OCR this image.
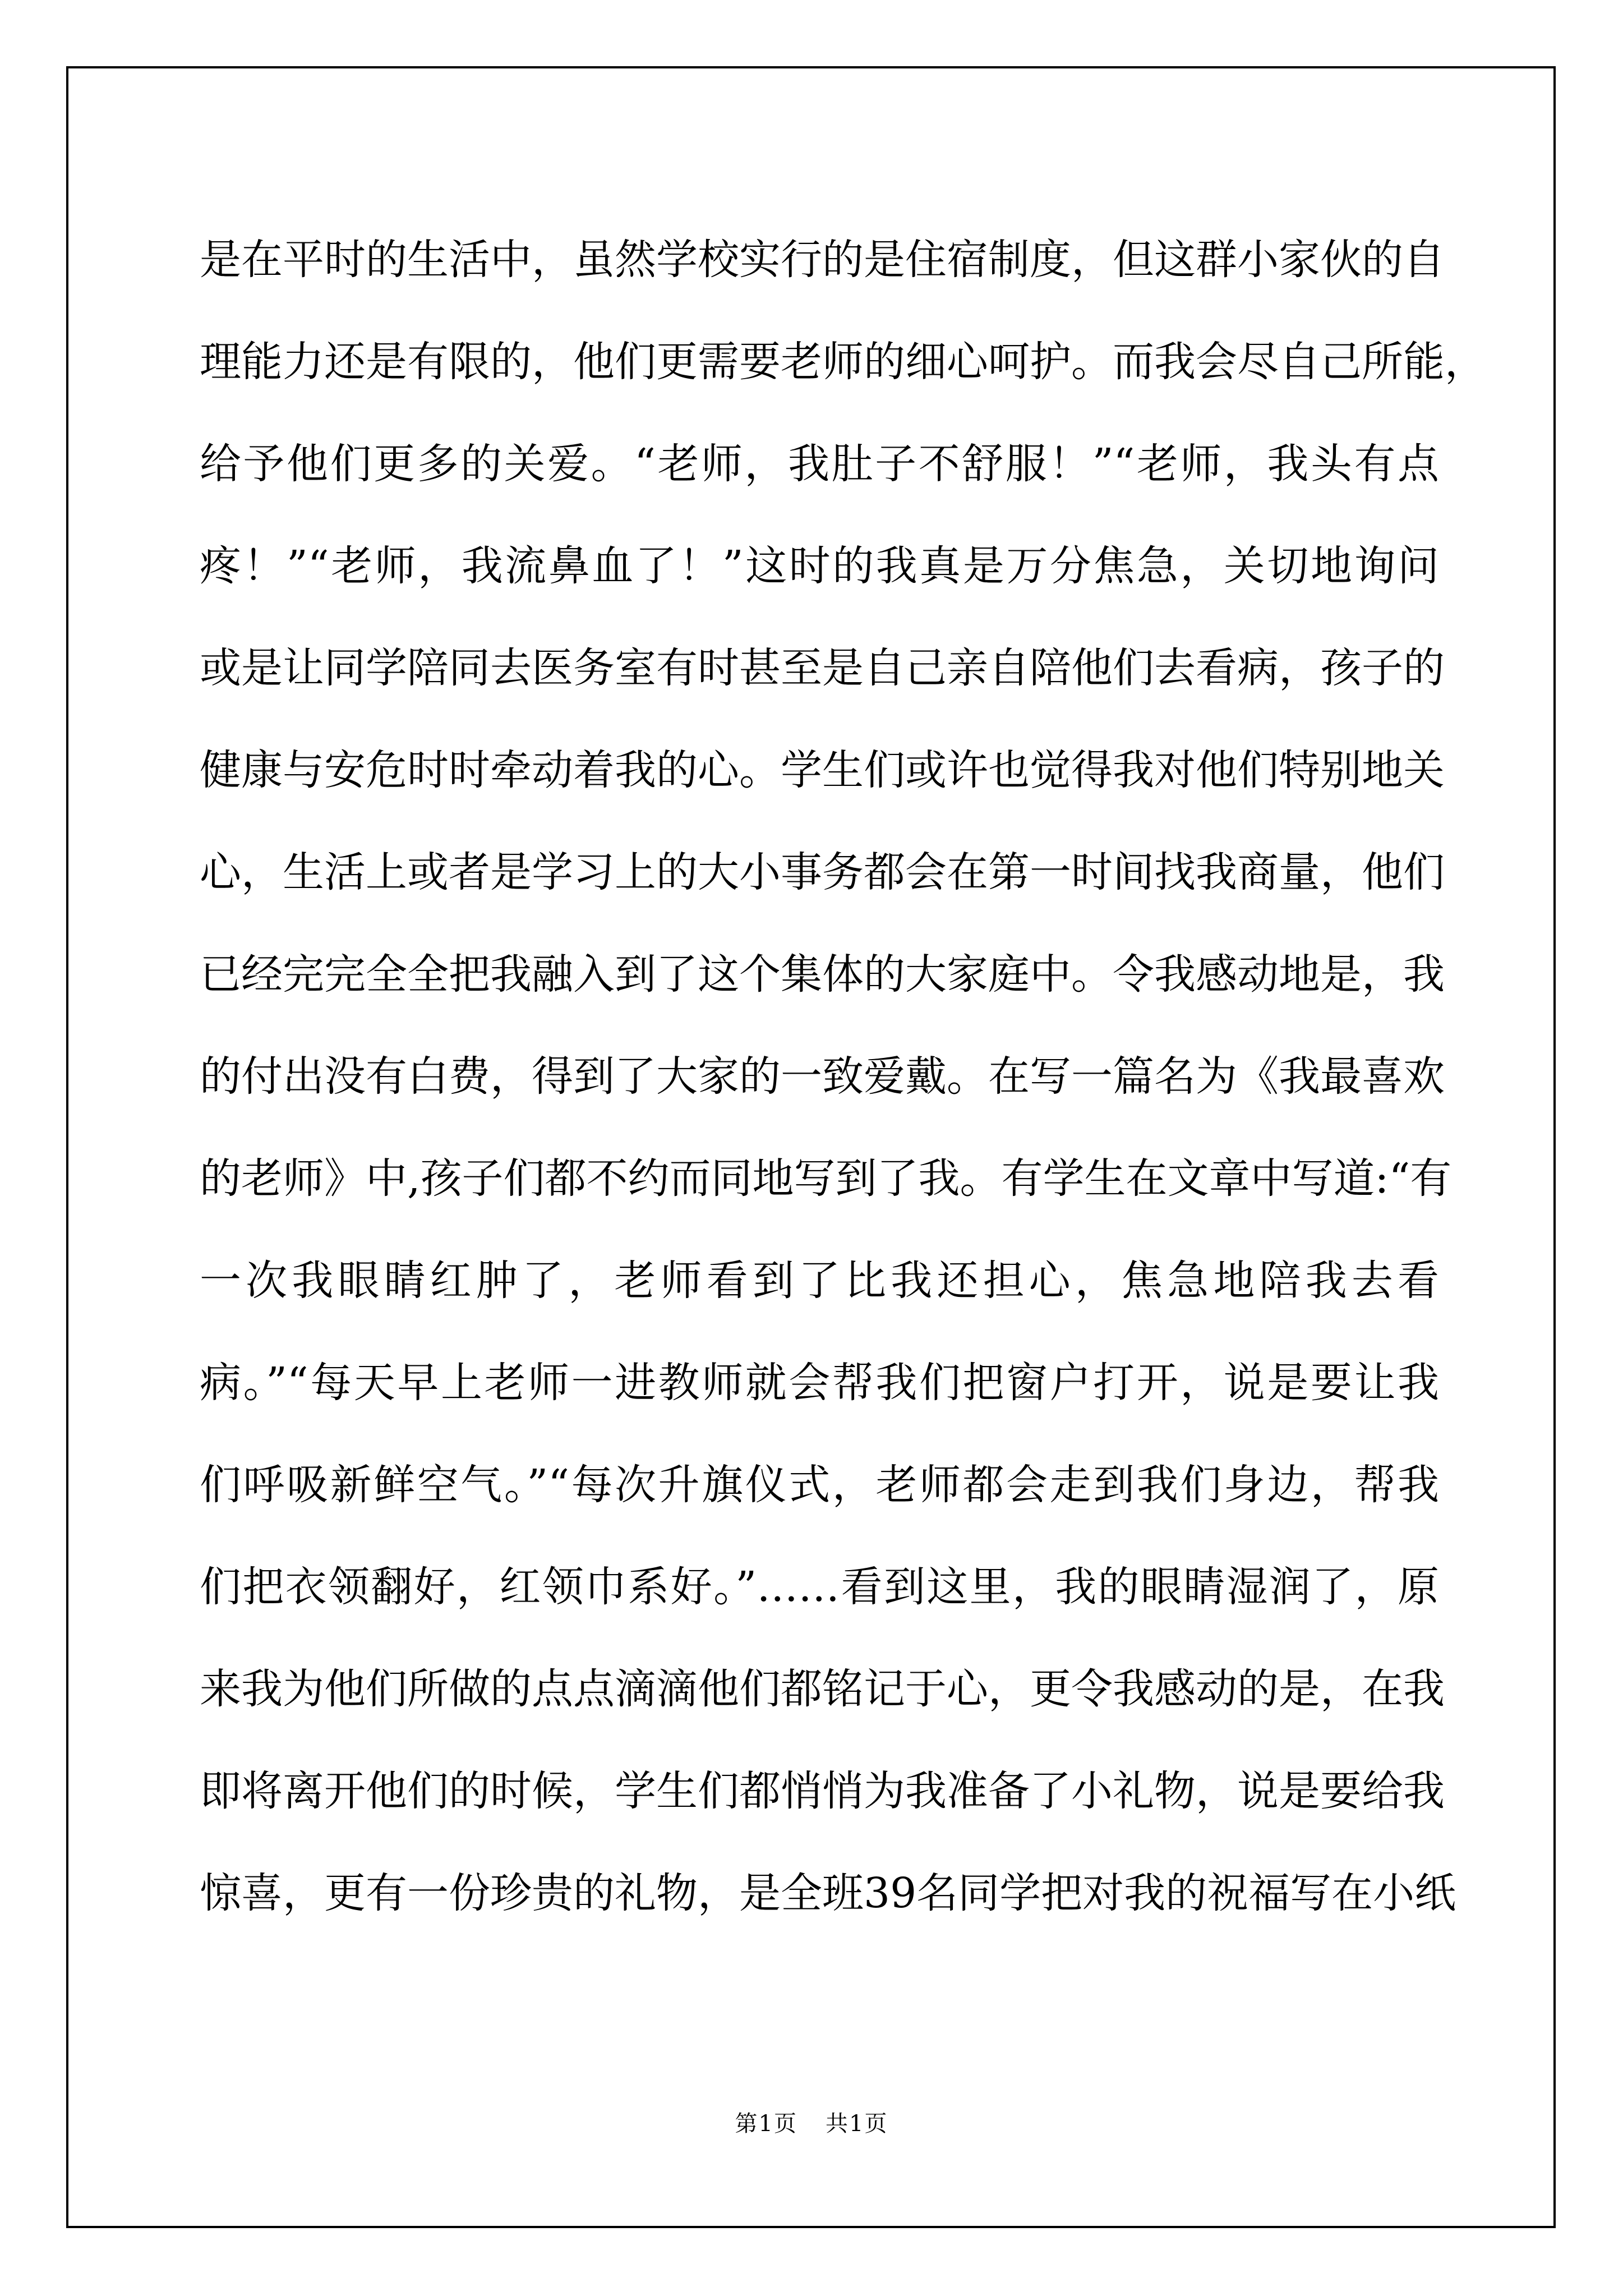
是在平时的生活中，虽然学校实行的是住宿制度，但这群小家伙的自
理能力还是有限的，他们更需要老师的细心呵护。而我会尽自己所能，
给予他们更多的关爱。“老师，我肚子不舒服！”“老师，我头有点
疼！”“老师，我流鼻血了！”这时的我真是万分焦急，关切地询问
或是让同学陪同去医务室有时甚至是自己亲自陪他们去看病，孩子的
健康与安危时时牵动着我的心。学生们或许也觉得我对他们特别地关
心，生活上或者是学习上的大小事务都会在第一时间找我商量，他们
已经完完全全把我融入到了这个集体的大家庭中。令我感动地是，我
的付出没有白费，得到了大家的一致爱戴。在写一篇名为《我最喜欢
的老师》中,孩子们都不约而同地写到了我。有学生在文章中写道:“有
一次我眼睛红肿了，老师看到了比我还担心，焦急地陪我去看
病。”“每天早上老师一进教师就会帮我们把窗户打开，说是要让我
们呼吸新鲜空气。”“每次升旗仪式，老师都会走到我们身边，帮我
们把衣领翻好，红领巾系好。”……看到这里，我的眼睛湿润了，原
来我为他们所做的点点滴滴他们都铭记于心，更令我感动的是，在我
即将离开他们的时候，学生们都悄悄为我准备了小礼物，说是要给我
惊喜，更有一份珍贵的礼物，是全班39名同学把对我的祝福写在小纸
第1页 共1页
